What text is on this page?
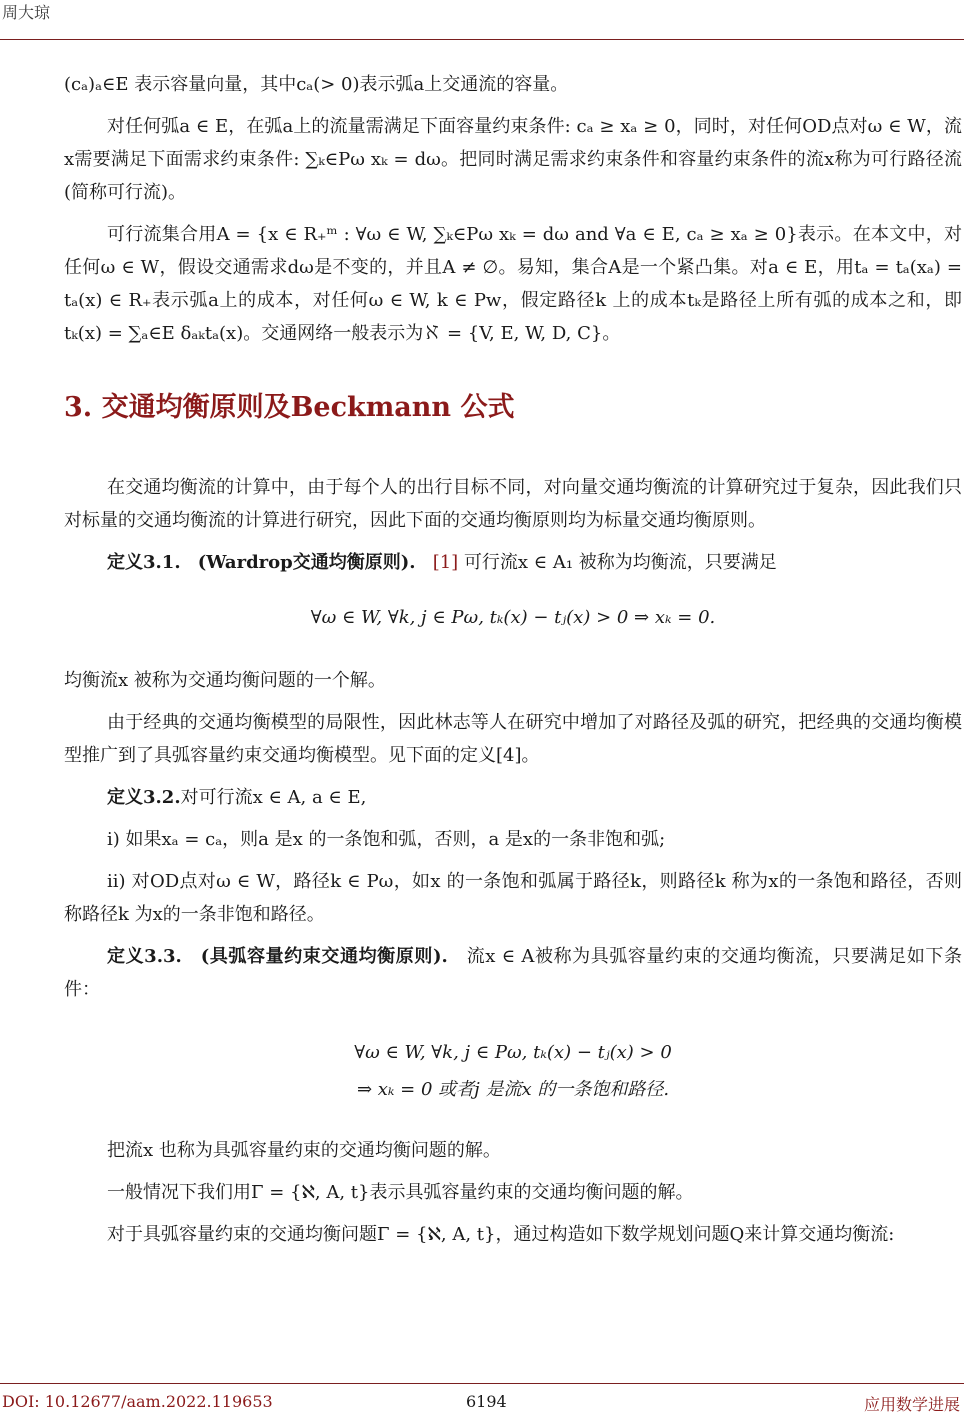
周大琼

(cₐ)ₐ∈E 表示容量向量，其中cₐ(> 0)表示弧a上交通流的容量。

对任何弧a ∈ E，在弧a上的流量需满足下面容量约束条件: cₐ ≥ xₐ ≥ 0，同时，对任何OD点对ω ∈ W，流x需要满足下面需求约束条件: ∑ₖ∈Pω xₖ = dω。把同时满足需求约束条件和容量约束条件的流x称为可行路径流(简称可行流)。

可行流集合用A = {x ∈ R₊ᵐ : ∀ω ∈ W, ∑ₖ∈Pω xₖ = dω and ∀a ∈ E, cₐ ≥ xₐ ≥ 0}表示。在本文中，对任何ω ∈ W，假设交通需求dω是不变的，并且A ≠ ∅。易知，集合A是一个紧凸集。对a ∈ E，用tₐ = tₐ(xₐ) = tₐ(x) ∈ R₊表示弧a上的成本，对任何ω ∈ W, k ∈ Pw，假定路径k 上的成本tₖ是路径上所有弧的成本之和，即tₖ(x) = ∑ₐ∈E δₐₖtₐ(x)。交通网络一般表示为ℵ = {V, E, W, D, C}。

3. 交通均衡原则及Beckmann 公式

在交通均衡流的计算中，由于每个人的出行目标不同，对向量交通均衡流的计算研究过于复杂，因此我们只对标量的交通均衡流的计算进行研究，因此下面的交通均衡原则均为标量交通均衡原则。

定义3.1. (Wardrop交通均衡原则). [1] 可行流x ∈ A₁ 被称为均衡流，只要满足

∀ω ∈ W, ∀k, j ∈ Pω, tₖ(x) − tⱼ(x) > 0 ⇒ xₖ = 0.

均衡流x 被称为交通均衡问题的一个解。

由于经典的交通均衡模型的局限性，因此林志等人在研究中增加了对路径及弧的研究，把经典的交通均衡模型推广到了具弧容量约束交通均衡模型。见下面的定义[4]。

定义3.2.对可行流x ∈ A, a ∈ E,

i) 如果xₐ = cₐ，则a 是x 的一条饱和弧，否则，a 是x的一条非饱和弧;

ii) 对OD点对ω ∈ W，路径k ∈ Pω，如x 的一条饱和弧属于路径k，则路径k 称为x的一条饱和路径，否则称路径k 为x的一条非饱和路径。

定义3.3. (具弧容量约束交通均衡原则). 流x ∈ A被称为具弧容量约束的交通均衡流，只要满足如下条件：

∀ω ∈ W, ∀k, j ∈ Pω, tₖ(x) − tⱼ(x) > 0
⇒ xₖ = 0 或者j 是流x 的一条饱和路径.

把流x 也称为具弧容量约束的交通均衡问题的解。

一般情况下我们用Γ = {ℵ, A, t}表示具弧容量约束的交通均衡问题的解。

对于具弧容量约束的交通均衡问题Γ = {ℵ, A, t}，通过构造如下数学规划问题Q来计算交通均衡流:

DOI: 10.12677/aam.2022.119653	6194	应用数学进展
